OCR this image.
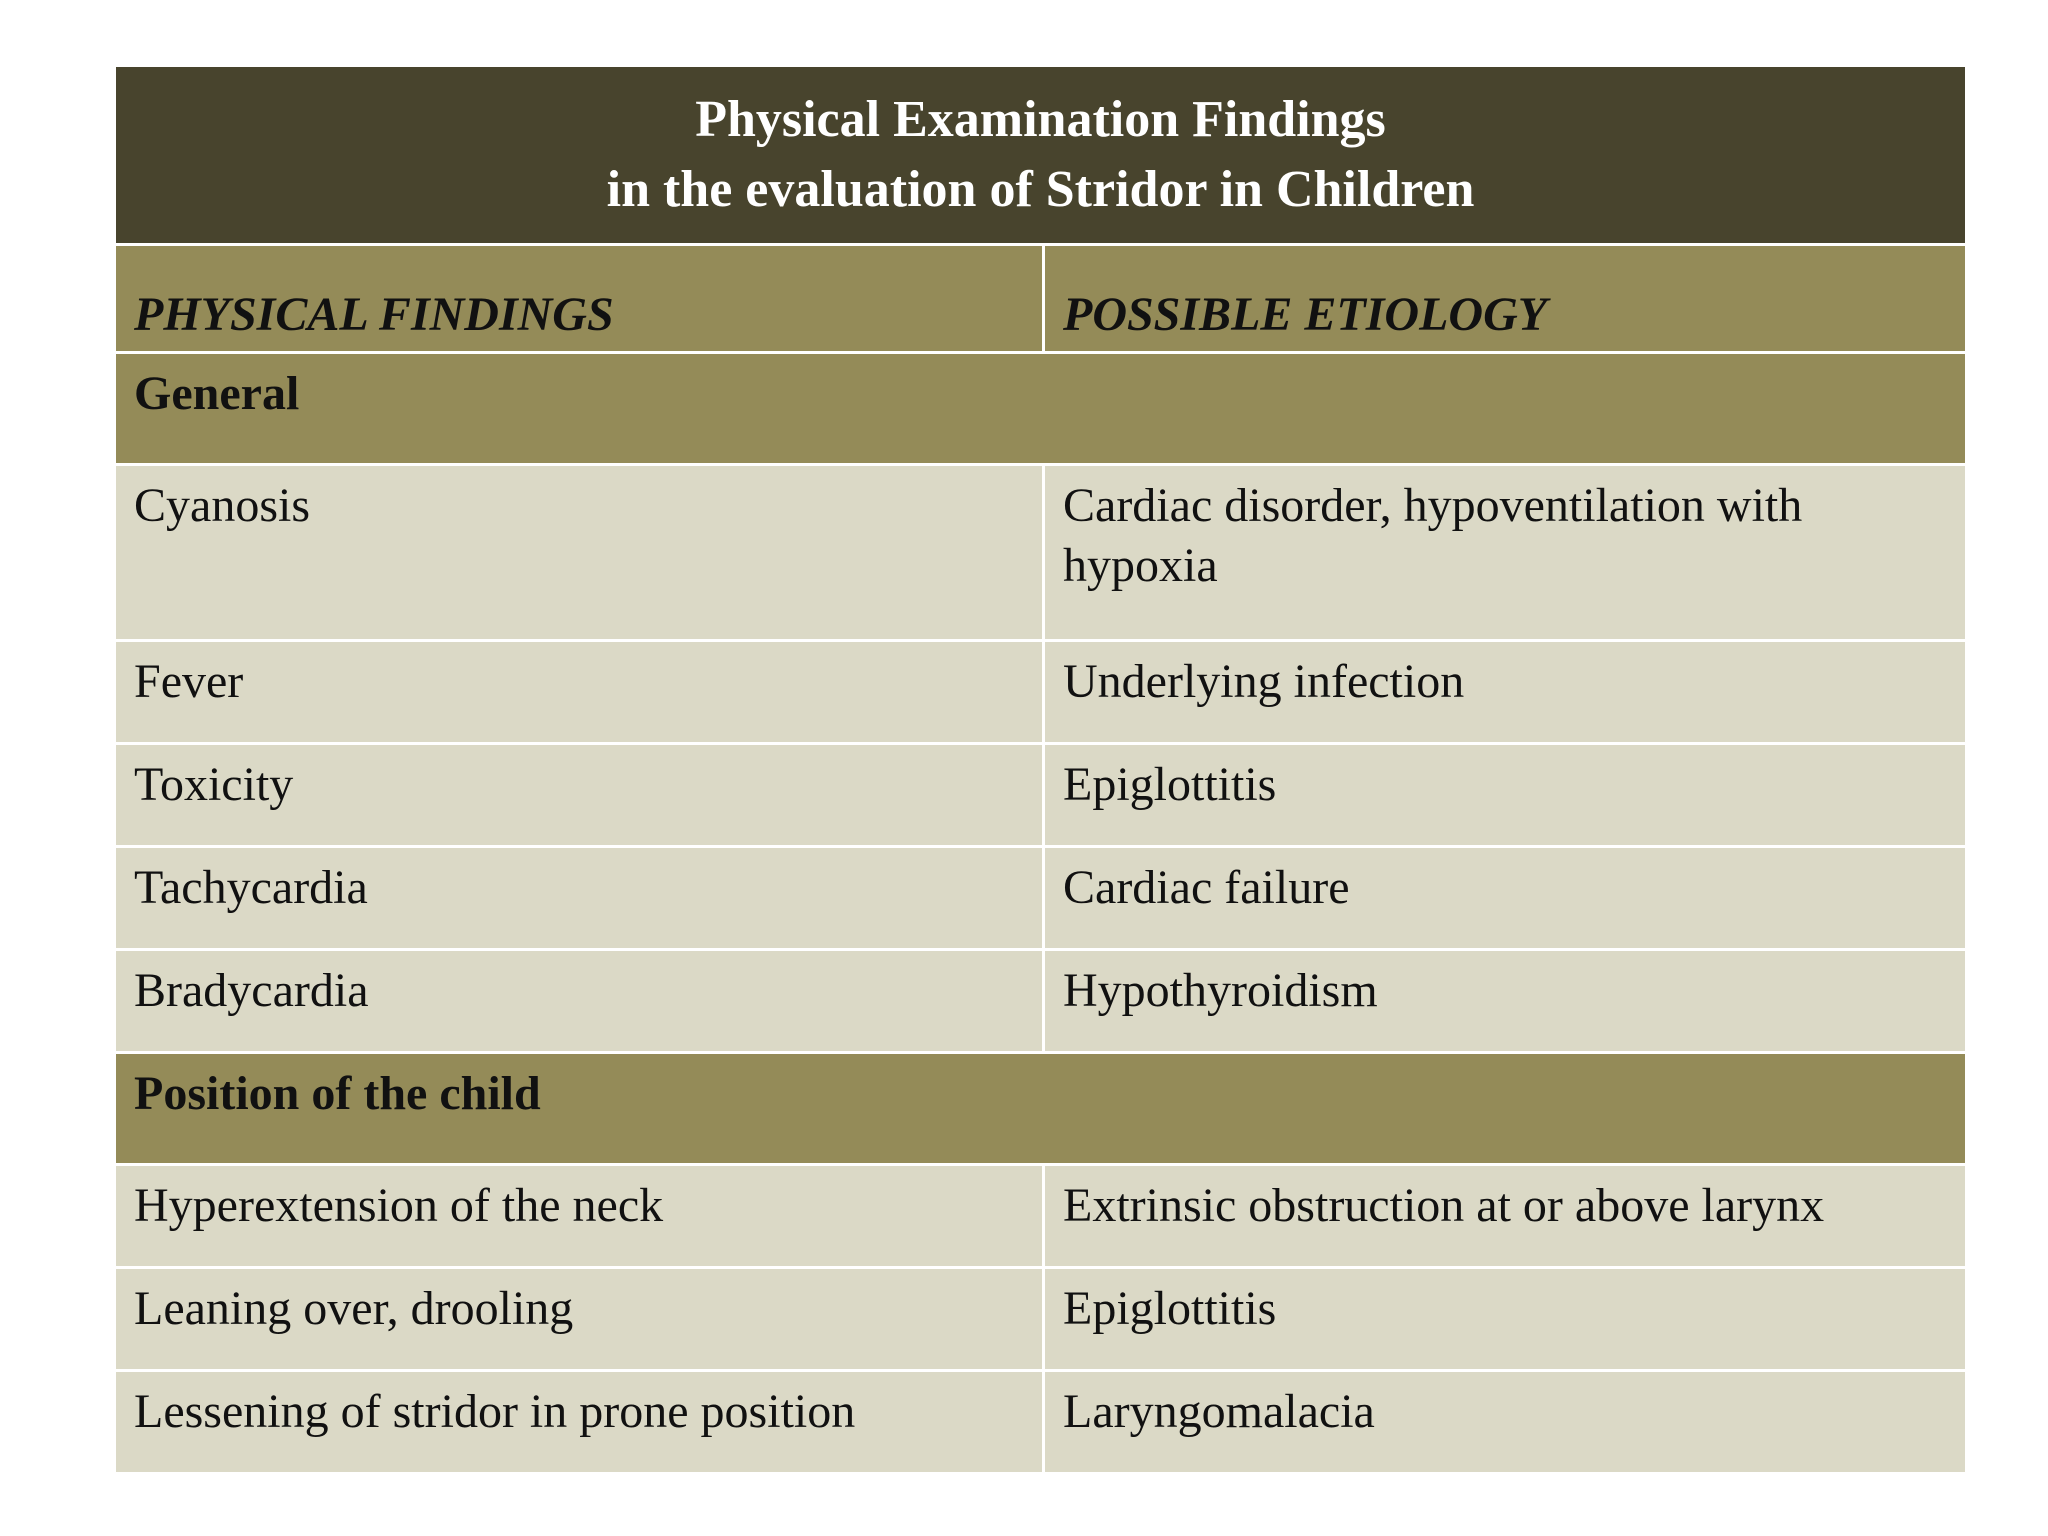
Physical Examination Findings
in the evaluation of Stridor in Children	

PHYSICAL FINDINGS	POSSIBLE ETIOLOGY
General	
Cyanosis	Cardiac disorder, hypoventilation with hypoxia
Fever	Underlying infection
Toxicity	Epiglottitis
Tachycardia	Cardiac failure
Bradycardia	Hypothyroidism
Position of the child	
Hyperextension of the neck	Extrinsic obstruction at or above larynx
Leaning over, drooling	Epiglottitis
Lessening of stridor in prone position	Laryngomalacia
